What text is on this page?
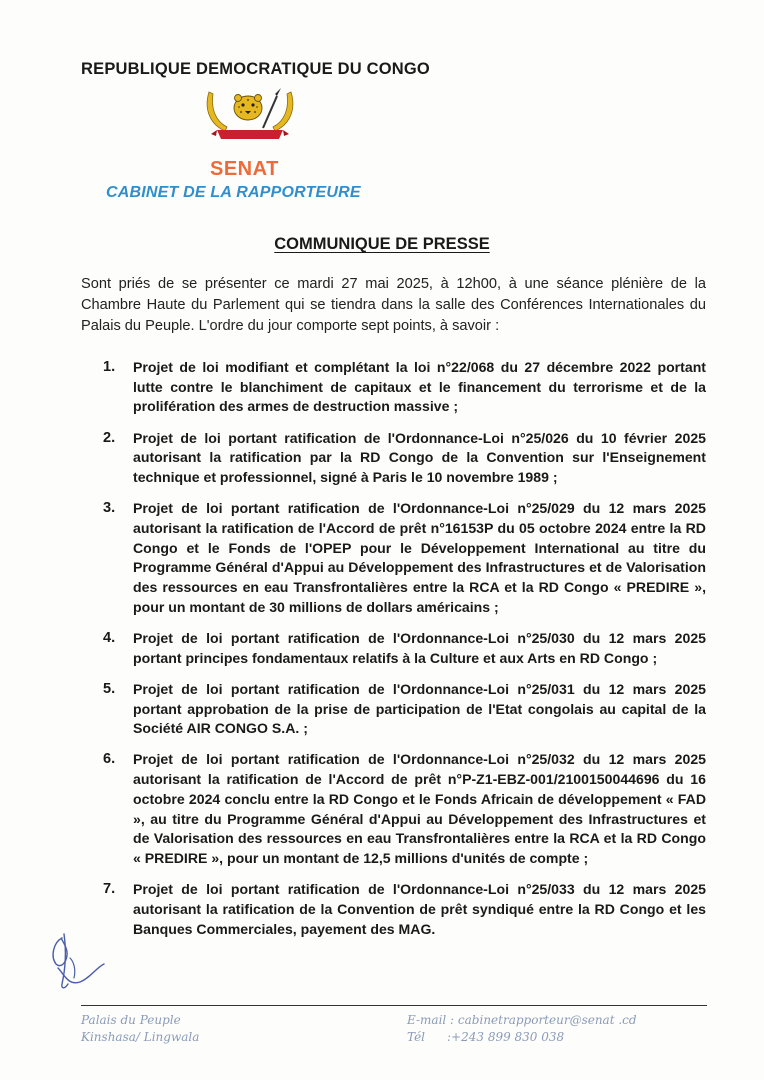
REPUBLIQUE DEMOCRATIQUE DU CONGO
SENAT
CABINET DE LA RAPPORTEURE
COMMUNIQUE DE PRESSE
Sont priés de se présenter ce mardi 27 mai 2025, à 12h00, à une séance plénière de la Chambre Haute du Parlement qui se tiendra dans la salle des Conférences Internationales du Palais du Peuple. L'ordre du jour comporte sept points, à savoir :
1. Projet de loi modifiant et complétant la loi n°22/068 du 27 décembre 2022 portant lutte contre le blanchiment de capitaux et le financement du terrorisme et de la prolifération des armes de destruction massive ;
2. Projet de loi portant ratification de l'Ordonnance-Loi n°25/026 du 10 février 2025 autorisant la ratification par la RD Congo de la Convention sur l'Enseignement technique et professionnel, signé à Paris le 10 novembre 1989 ;
3. Projet de loi portant ratification de l'Ordonnance-Loi n°25/029 du 12 mars 2025 autorisant la ratification de l'Accord de prêt n°16153P du 05 octobre 2024 entre la RD Congo et le Fonds de l'OPEP pour le Développement International au titre du Programme Général d'Appui au Développement des Infrastructures et de Valorisation des ressources en eau Transfrontalières entre la RCA et la RD Congo « PREDIRE », pour un montant de 30 millions de dollars américains ;
4. Projet de loi portant ratification de l'Ordonnance-Loi n°25/030 du 12 mars 2025 portant principes fondamentaux relatifs à la Culture et aux Arts en RD Congo ;
5. Projet de loi portant ratification de l'Ordonnance-Loi n°25/031 du 12 mars 2025 portant approbation de la prise de participation de l'Etat congolais au capital de la Société AIR CONGO S.A. ;
6. Projet de loi portant ratification de l'Ordonnance-Loi n°25/032 du 12 mars 2025 autorisant la ratification de l'Accord de prêt n°P-Z1-EBZ-001/2100150044696 du 16 octobre 2024 conclu entre la RD Congo et le Fonds Africain de développement « FAD », au titre du Programme Général d'Appui au Développement des Infrastructures et de Valorisation des ressources en eau Transfrontalières entre la RCA et la RD Congo « PREDIRE », pour un montant de 12,5 millions d'unités de compte ;
7. Projet de loi portant ratification de l'Ordonnance-Loi n°25/033 du 12 mars 2025 autorisant la ratification de la Convention de prêt syndiqué entre la RD Congo et les Banques Commerciales, payement des MAG.
Palais du Peuple
Kinshasa/ Lingwala
E-mail : cabinetrapporteur@senat .cd
Tél :+243 899 830 038
